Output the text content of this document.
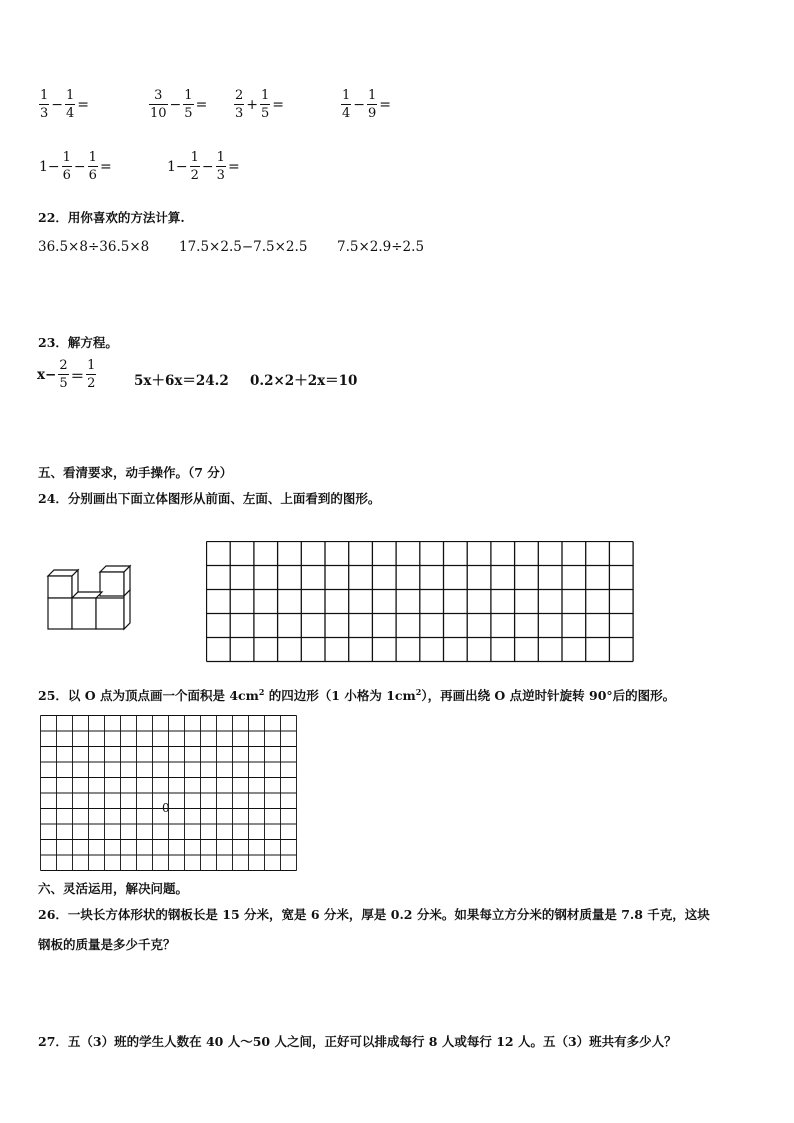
$\frac{1}{3} - \frac{1}{4}$ =	$\frac{3}{10} - \frac{1}{5} = \frac{2}{3} + \frac{1}{5}$ =	$\frac{1}{4} - \frac{1}{9}$ =
$1- \frac{1}{6} - \frac{1}{6}$ =	$1- \frac{1}{2} - \frac{1}{3}$ =
22．用你喜欢的方法计算.
36.5×8÷36.5×8 17.5×2.5−7.5×2.5 7.5×2.9÷2.5
23．解方程。
$x- \frac{2}{5} = \frac{1}{2}$	5x＋6x＝24.2 0.2×2＋2x＝10
五、看清要求，动手操作。（7 分）
24．分别画出下面立体图形从前面、左面、上面看到的图形。
25．以 O 点为顶点画一个面积是 $4cm^2$ 的四边形（1 小格为 $1cm^2$），再画出绕 O 点逆时针旋转 90°后的图形。
0
六、灵活运用，解决问题。
26．一块长方体形状的钢板长是 15 分米，宽是 6 分米，厚是 0.2 分米。如果每立方分米的钢材质量是 7.8 千克，这块
钢板的质量是多少千克？
27．五（3）班的学生人数在 40 人～50 人之间，正好可以排成每行 8 人或每行 12 人。五（3）班共有多少人？
